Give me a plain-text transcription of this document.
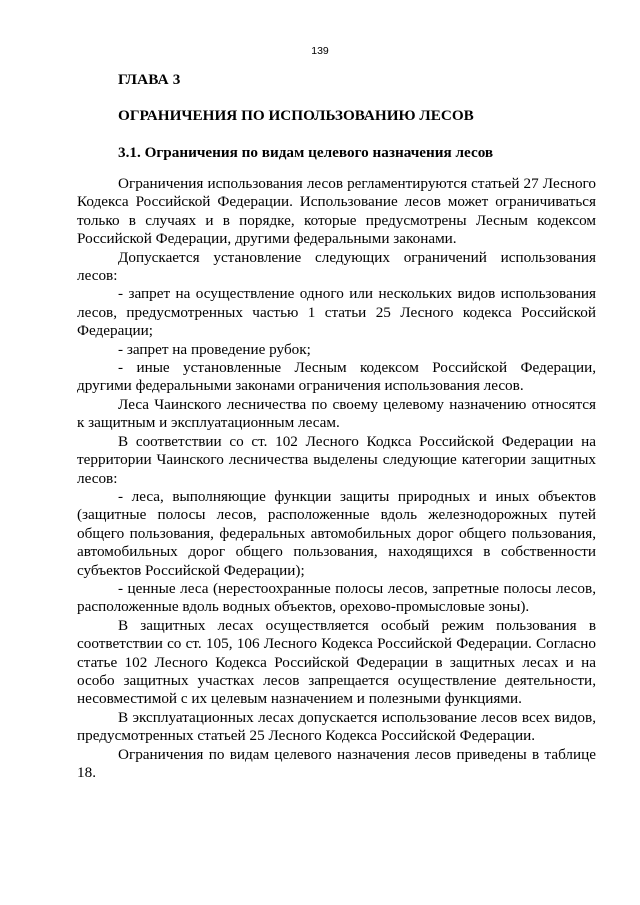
139
ГЛАВА 3
ОГРАНИЧЕНИЯ ПО ИСПОЛЬЗОВАНИЮ ЛЕСОВ
3.1. Ограничения по видам целевого назначения лесов

Ограничения использования лесов регламентируются статьей 27 Лесного Кодекса Российской Федерации. Использование лесов может ограничиваться только в случаях и в порядке, которые предусмотрены Лесным кодексом Российской Федерации, другими федеральными законами.

Допускается установление следующих ограничений использования лесов:

- запрет на осуществление одного или нескольких видов использования лесов, предусмотренных частью 1 статьи 25 Лесного кодекса Российской Федерации;

- запрет на проведение рубок;

- иные установленные Лесным кодексом Российской Федерации, другими федеральными законами ограничения использования лесов.

Леса Чаинского лесничества по своему целевому назначению относятся к защитным и эксплуатационным лесам.

В соответствии со ст. 102 Лесного Кодкса Российской Федерации на территории Чаинского лесничества выделены следующие категории защитных лесов:

- леса, выполняющие функции защиты природных и иных объектов (защитные полосы лесов, расположенные вдоль железнодорожных путей общего пользования, федеральных автомобильных дорог общего пользования, автомобильных дорог общего пользования, находящихся в собственности субъектов Российской Федерации);

- ценные леса (нерестоохранные полосы лесов, запретные полосы лесов, расположенные вдоль водных объектов, орехово-промысловые зоны).

В защитных лесах осуществляется особый режим пользования в соответствии со ст. 105, 106 Лесного Кодекса Российской Федерации. Согласно статье 102 Лесного Кодекса Российской Федерации в защитных лесах и на особо защитных участках лесов запрещается осуществление деятельности, несовместимой с их целевым назначением и полезными функциями.

В эксплуатационных лесах допускается использование лесов всех видов, предусмотренных статьей 25 Лесного Кодекса Российской Федерации.

Ограничения по видам целевого назначения лесов приведены в таблице 18.
